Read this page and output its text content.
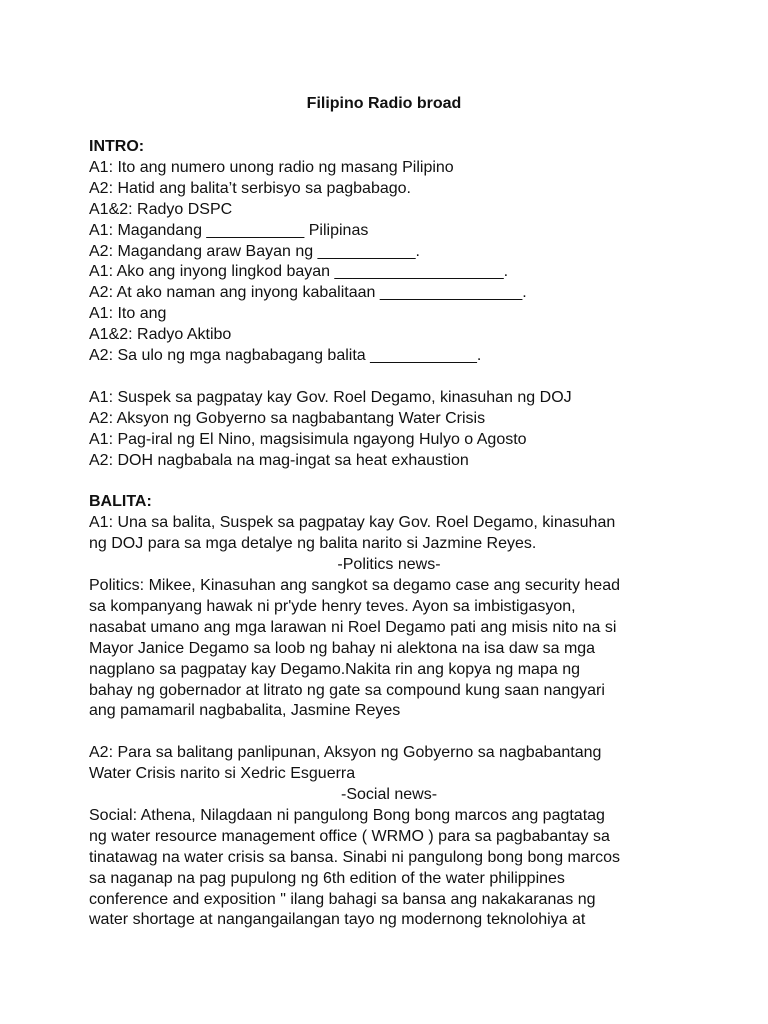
Filipino Radio broad
INTRO:
A1: Ito ang numero unong radio ng masang Pilipino
A2: Hatid ang balita’t serbisyo sa pagbabago.
A1&2: Radyo DSPC
A1: Magandang ___________ Pilipinas
A2: Magandang araw Bayan ng ___________.
A1: Ako ang inyong lingkod bayan ___________________.
A2: At ako naman ang inyong kabalitaan ________________.
A1: Ito ang
A1&2: Radyo Aktibo
A2: Sa ulo ng mga nagbabagang balita ____________.
A1: Suspek sa pagpatay kay Gov. Roel Degamo, kinasuhan ng DOJ
A2: Aksyon ng Gobyerno sa nagbabantang Water Crisis
A1: Pag-iral ng El Nino, magsisimula ngayong Hulyo o Agosto
A2: DOH nagbabala na mag-ingat sa heat exhaustion
BALITA:
A1: Una sa balita, Suspek sa pagpatay kay Gov. Roel Degamo, kinasuhan
ng DOJ para sa mga detalye ng balita narito si Jazmine Reyes.
-Politics news-
Politics: Mikee, Kinasuhan ang sangkot sa degamo case ang security head
sa kompanyang hawak ni pr'yde henry teves. Ayon sa imbistigasyon,
nasabat umano ang mga larawan ni Roel Degamo pati ang misis nito na si
Mayor Janice Degamo sa loob ng bahay ni alektona na isa daw sa mga
nagplano sa pagpatay kay Degamo.Nakita rin ang kopya ng mapa ng
bahay ng gobernador at litrato ng gate sa compound kung saan nangyari
ang pamamaril nagbabalita, Jasmine Reyes
A2: Para sa balitang panlipunan, Aksyon ng Gobyerno sa nagbabantang
Water Crisis narito si Xedric Esguerra
-Social news-
Social: Athena, Nilagdaan ni pangulong Bong bong marcos ang pagtatag
ng water resource management office ( WRMO ) para sa pagbabantay sa
tinatawag na water crisis sa bansa. Sinabi ni pangulong bong bong marcos
sa naganap na pag pupulong ng 6th edition of the water philippines
conference and exposition " ilang bahagi sa bansa ang nakakaranas ng
water shortage at nangangailangan tayo ng modernong teknolohiya at
